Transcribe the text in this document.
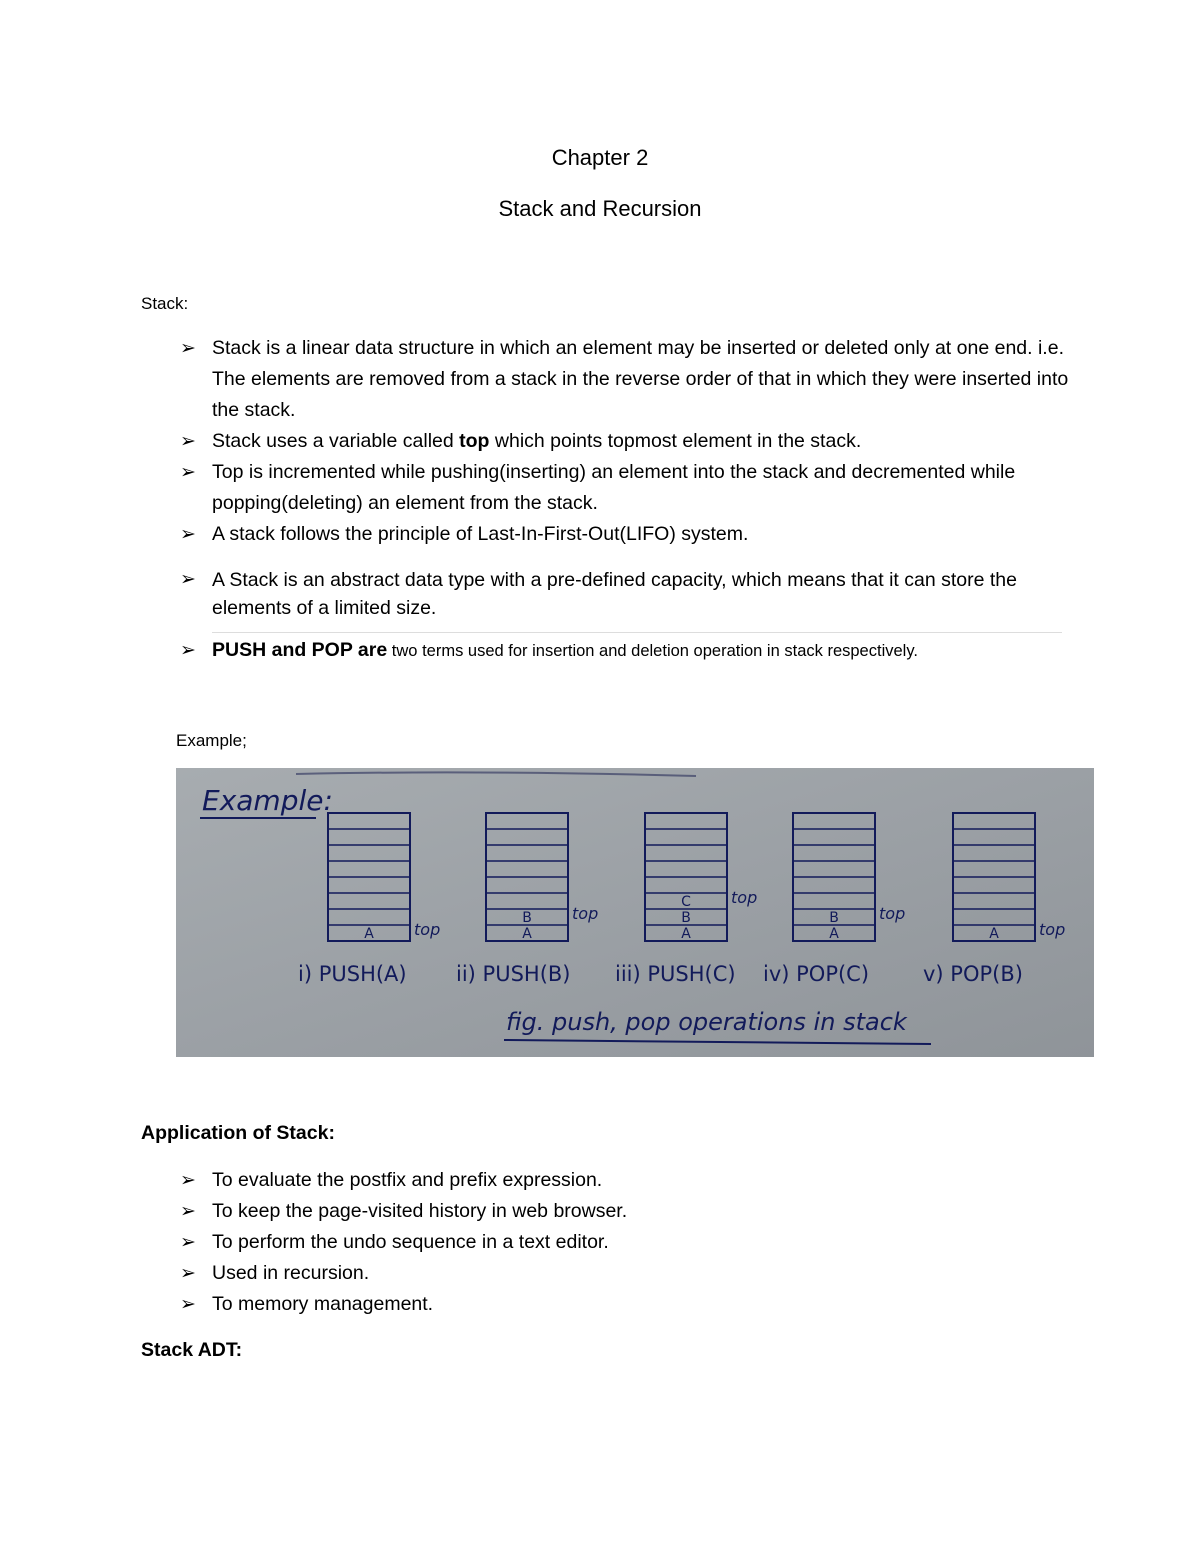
Chapter 2
Stack and Recursion
Stack:
➢ Stack is a linear data structure in which an element may be inserted or deleted only at one end. i.e. The elements are removed from a stack in the reverse order of that in which they were inserted into the stack.
➢ Stack uses a variable called top which points topmost element in the stack.
➢ Top is incremented while pushing(inserting) an element into the stack and decremented while popping(deleting) an element from the stack.
➢ A stack follows the principle of Last-In-First-Out(LIFO) system.
➢ A Stack is an abstract data type with a pre-defined capacity, which means that it can store the elements of a limited size.
➢ PUSH and POP are two terms used for insertion and deletion operation in stack respectively.
Example;
Example:
A	top
i) PUSH(A)
A
B	top
ii) PUSH(B)
A
B
C	top
iii) PUSH(C)
A
B	top
iv) POP(C)
A	top
v) POP(B)
fig. push, pop operations in stack
Application of Stack:
➢ To evaluate the postfix and prefix expression.
➢ To keep the page-visited history in web browser.
➢ To perform the undo sequence in a text editor.
➢ Used in recursion.
➢ To memory management.
Stack ADT:
